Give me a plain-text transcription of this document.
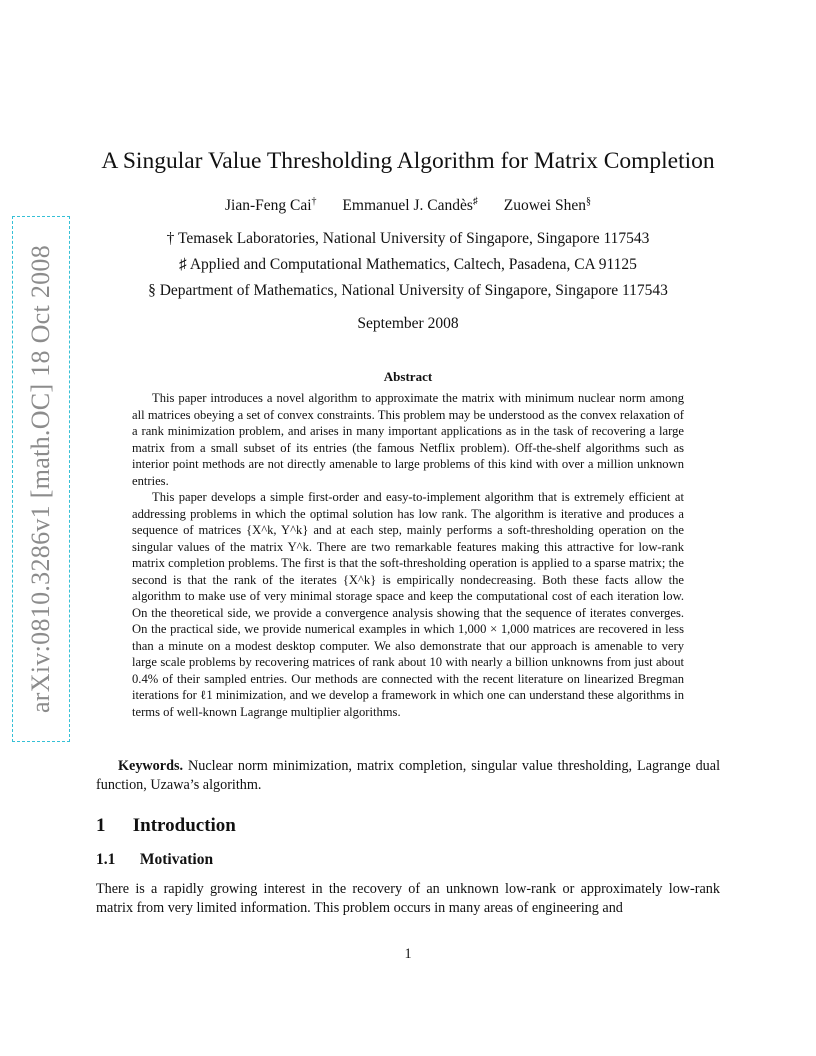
arXiv:0810.3286v1 [math.OC] 18 Oct 2008
A Singular Value Thresholding Algorithm for Matrix Completion
Jian-Feng Cai† Emmanuel J. Candès♯ Zuowei Shen§
† Temasek Laboratories, National University of Singapore, Singapore 117543
♯ Applied and Computational Mathematics, Caltech, Pasadena, CA 91125
§ Department of Mathematics, National University of Singapore, Singapore 117543
September 2008
Abstract

This paper introduces a novel algorithm to approximate the matrix with minimum nuclear norm among all matrices obeying a set of convex constraints. This problem may be understood as the convex relaxation of a rank minimization problem, and arises in many important applications as in the task of recovering a large matrix from a small subset of its entries (the famous Netflix problem). Off-the-shelf algorithms such as interior point methods are not directly amenable to large problems of this kind with over a million unknown entries.

This paper develops a simple first-order and easy-to-implement algorithm that is extremely efficient at addressing problems in which the optimal solution has low rank. The algorithm is iterative and produces a sequence of matrices {X^k, Y^k} and at each step, mainly performs a soft-thresholding operation on the singular values of the matrix Y^k. There are two remarkable features making this attractive for low-rank matrix completion problems. The first is that the soft-thresholding operation is applied to a sparse matrix; the second is that the rank of the iterates {X^k} is empirically nondecreasing. Both these facts allow the algorithm to make use of very minimal storage space and keep the computational cost of each iteration low. On the theoretical side, we provide a convergence analysis showing that the sequence of iterates converges. On the practical side, we provide numerical examples in which 1,000 × 1,000 matrices are recovered in less than a minute on a modest desktop computer. We also demonstrate that our approach is amenable to very large scale problems by recovering matrices of rank about 10 with nearly a billion unknowns from just about 0.4% of their sampled entries. Our methods are connected with the recent literature on linearized Bregman iterations for ℓ1 minimization, and we develop a framework in which one can understand these algorithms in terms of well-known Lagrange multiplier algorithms.

Keywords. Nuclear norm minimization, matrix completion, singular value thresholding, Lagrange dual function, Uzawa’s algorithm.
1 Introduction
1.1 Motivation

There is a rapidly growing interest in the recovery of an unknown low-rank or approximately low-rank matrix from very limited information. This problem occurs in many areas of engineering and

1
